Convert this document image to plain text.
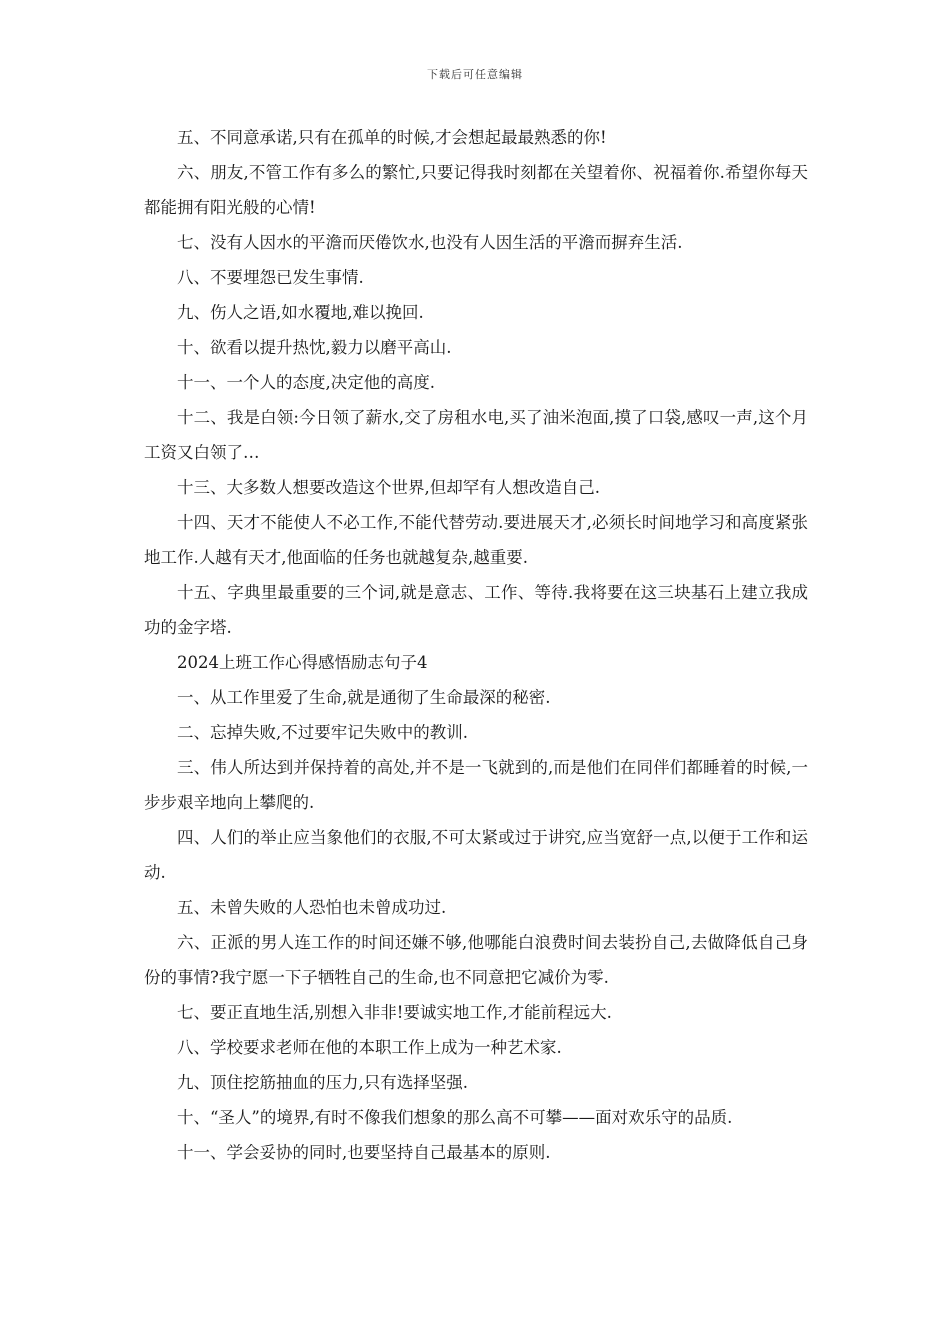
下载后可任意编辑

五、不同意承诺,只有在孤单的时候,才会想起最最熟悉的你!

六、朋友,不管工作有多么的繁忙,只要记得我时刻都在关望着你、祝福着你.希望你每天都能拥有阳光般的心情!

七、没有人因水的平澹而厌倦饮水,也没有人因生活的平澹而摒弃生活.

八、不要埋怨已发生事情.

九、伤人之语,如水覆地,难以挽回.

十、欲看以提升热忱,毅力以磨平高山.

十一、一个人的态度,决定他的高度.

十二、我是白领:今日领了薪水,交了房租水电,买了油米泡面,摸了口袋,感叹一声,这个月工资又白领了…

十三、大多数人想要改造这个世界,但却罕有人想改造自己.

十四、天才不能使人不必工作,不能代替劳动.要进展天才,必须长时间地学习和高度紧张地工作.人越有天才,他面临的任务也就越复杂,越重要.

十五、字典里最重要的三个词,就是意志、工作、等待.我将要在这三块基石上建立我成功的金字塔.

2024上班工作心得感悟励志句子4

一、从工作里爱了生命,就是通彻了生命最深的秘密.

二、忘掉失败,不过要牢记失败中的教训.

三、伟人所达到并保持着的高处,并不是一飞就到的,而是他们在同伴们都睡着的时候,一步步艰辛地向上攀爬的.

四、人们的举止应当象他们的衣服,不可太紧或过于讲究,应当宽舒一点,以便于工作和运动.

五、未曾失败的人恐怕也未曾成功过.

六、正派的男人连工作的时间还嫌不够,他哪能白浪费时间去装扮自己,去做降低自己身份的事情?我宁愿一下子牺牲自己的生命,也不同意把它减价为零.

七、要正直地生活,别想入非非!要诚实地工作,才能前程远大.

八、学校要求老师在他的本职工作上成为一种艺术家.

九、顶住挖筋抽血的压力,只有选择坚强.

十、“圣人”的境界,有时不像我们想象的那么高不可攀——面对欢乐守的品质.

十一、学会妥协的同时,也要坚持自己最基本的原则.
